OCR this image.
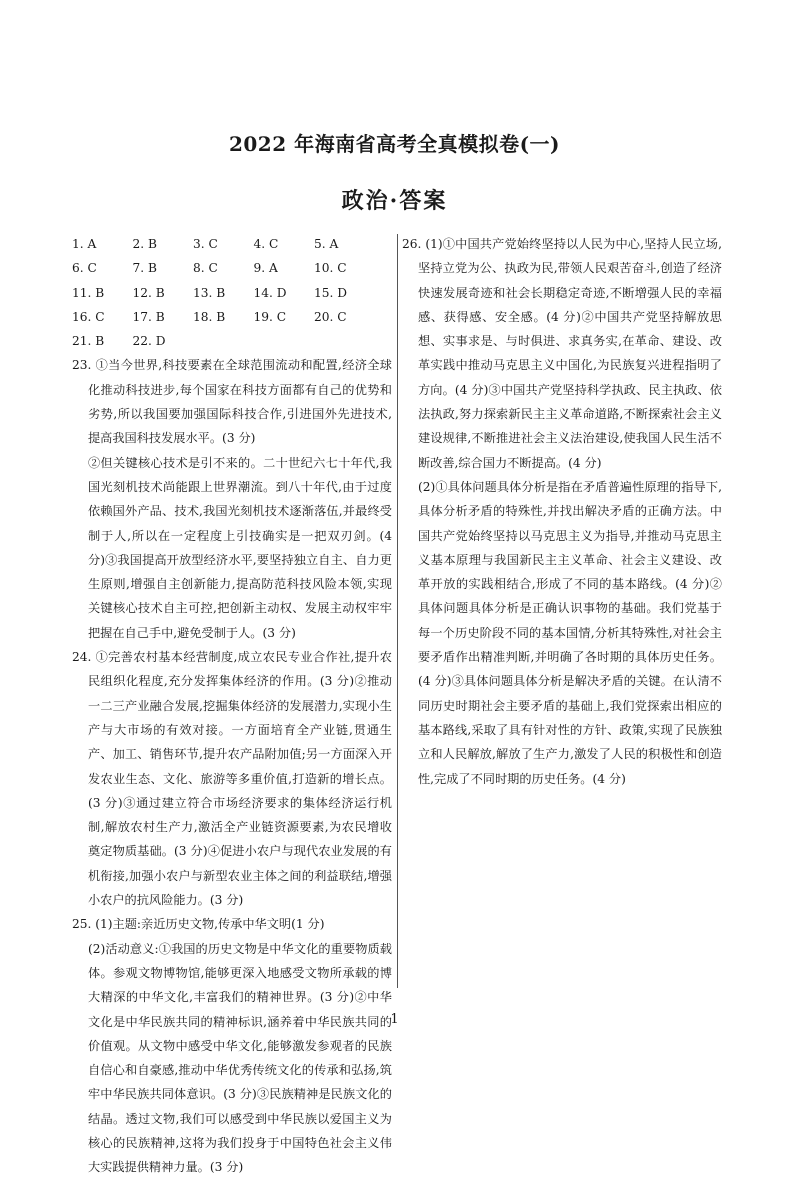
2022 年海南省高考全真模拟卷(一)
政治·答案
1. A	2. B	3. C	4. C	5. A
6. C	7. B	8. C	9. A	10. C
11. B	12. B	13. B	14. D	15. D
16. C	17. B	18. B	19. C	20. C
21. B	22. D

23. ①当今世界,科技要素在全球范围流动和配置,经济全球化推动科技进步,每个国家在科技方面都有自己的优势和劣势,所以我国要加强国际科技合作,引进国外先进技术,提高我国科技发展水平。(3 分)

②但关键核心技术是引不来的。二十世纪六七十年代,我国光刻机技术尚能跟上世界潮流。到八十年代,由于过度依赖国外产品、技术,我国光刻机技术逐渐落伍,并最终受制于人,所以在一定程度上引技确实是一把双刃剑。(4 分)③我国提高开放型经济水平,要坚持独立自主、自力更生原则,增强自主创新能力,提高防范科技风险本领,实现关键核心技术自主可控,把创新主动权、发展主动权牢牢把握在自己手中,避免受制于人。(3 分)

24. ①完善农村基本经营制度,成立农民专业合作社,提升农民组织化程度,充分发挥集体经济的作用。(3 分)②推动一二三产业融合发展,挖掘集体经济的发展潜力,实现小生产与大市场的有效对接。一方面培育全产业链,贯通生产、加工、销售环节,提升农产品附加值;另一方面深入开发农业生态、文化、旅游等多重价值,打造新的增长点。(3 分)③通过建立符合市场经济要求的集体经济运行机制,解放农村生产力,激活全产业链资源要素,为农民增收奠定物质基础。(3 分)④促进小农户与现代农业发展的有机衔接,加强小农户与新型农业主体之间的利益联结,增强小农户的抗风险能力。(3 分)

25. (1)主题:亲近历史文物,传承中华文明(1 分)

(2)活动意义:①我国的历史文物是中华文化的重要物质载体。参观文物博物馆,能够更深入地感受文物所承载的博大精深的中华文化,丰富我们的精神世界。(3 分)②中华文化是中华民族共同的精神标识,涵养着中华民族共同的价值观。从文物中感受中华文化,能够激发参观者的民族自信心和自豪感,推动中华优秀传统文化的传承和弘扬,筑牢中华民族共同体意识。(3 分)③民族精神是民族文化的结晶。透过文物,我们可以感受到中华民族以爱国主义为核心的民族精神,这将为我们投身于中国特色社会主义伟大实践提供精神力量。(3 分)

26. (1)①中国共产党始终坚持以人民为中心,坚持人民立场,坚持立党为公、执政为民,带领人民艰苦奋斗,创造了经济快速发展奇迹和社会长期稳定奇迹,不断增强人民的幸福感、获得感、安全感。(4 分)②中国共产党坚持解放思想、实事求是、与时俱进、求真务实,在革命、建设、改革实践中推动马克思主义中国化,为民族复兴进程指明了方向。(4 分)③中国共产党坚持科学执政、民主执政、依法执政,努力探索新民主主义革命道路,不断探索社会主义建设规律,不断推进社会主义法治建设,使我国人民生活不断改善,综合国力不断提高。(4 分)

(2)①具体问题具体分析是指在矛盾普遍性原理的指导下,具体分析矛盾的特殊性,并找出解决矛盾的正确方法。中国共产党始终坚持以马克思主义为指导,并推动马克思主义基本原理与我国新民主主义革命、社会主义建设、改革开放的实践相结合,形成了不同的基本路线。(4 分)②具体问题具体分析是正确认识事物的基础。我们党基于每一个历史阶段不同的基本国情,分析其特殊性,对社会主要矛盾作出精准判断,并明确了各时期的具体历史任务。(4 分)③具体问题具体分析是解决矛盾的关键。在认清不同历史时期社会主要矛盾的基础上,我们党探索出相应的基本路线,采取了具有针对性的方针、政策,实现了民族独立和人民解放,解放了生产力,激发了人民的积极性和创造性,完成了不同时期的历史任务。(4 分)

1
